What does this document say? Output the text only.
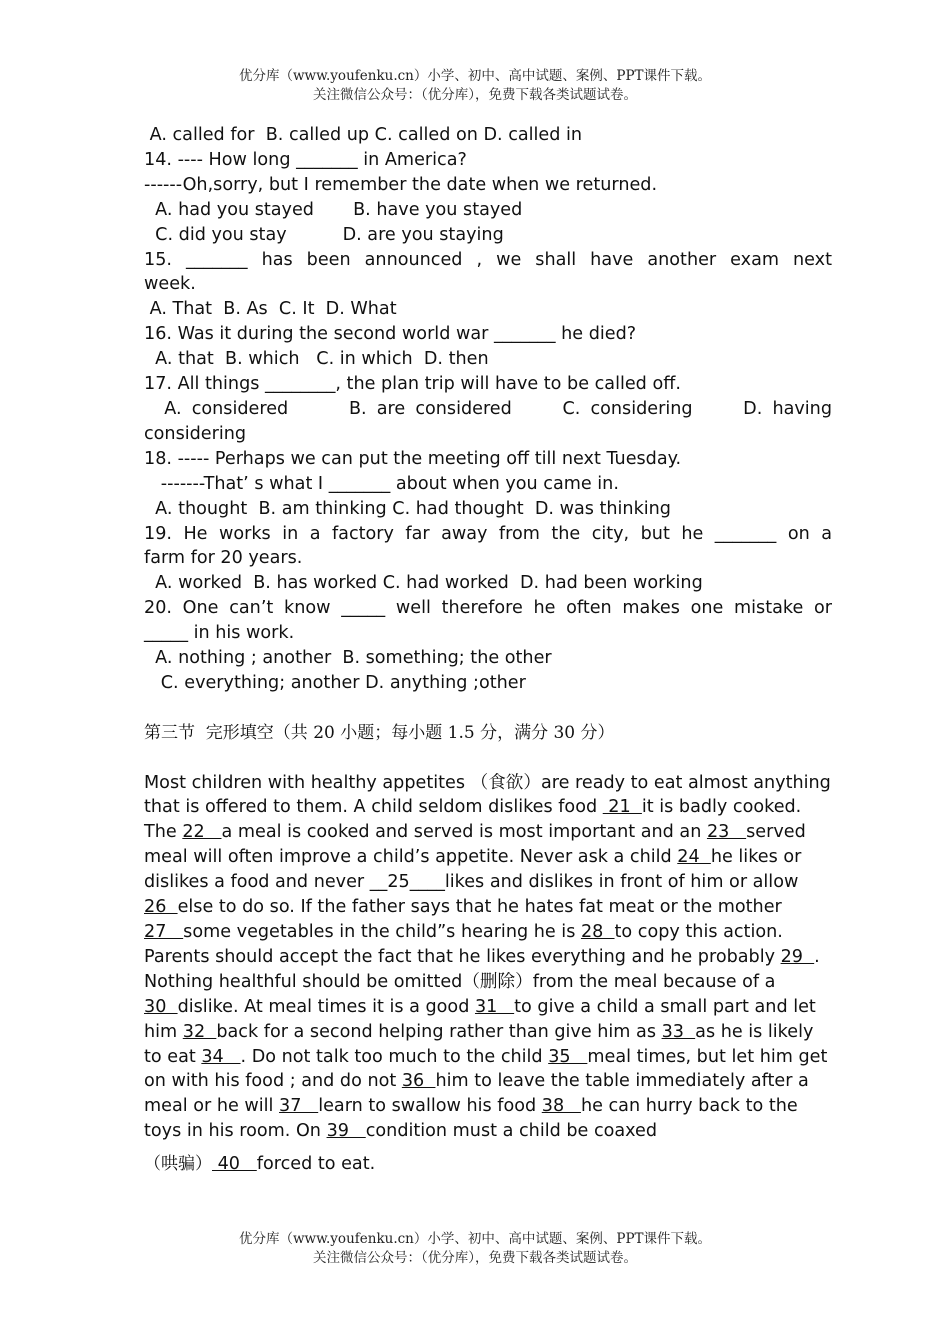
优分库（www.youfenku.cn）小学、初中、高中试题、案例、PPT课件下载。
关注微信公众号：（优分库），免费下载各类试题试卷。
A. called for  B. called up C. called on D. called in
14. ---- How long _______ in America?
------Oh,sorry, but I remember the date when we returned.
A. had you stayed       B. have you stayed
C. did you stay          D. are you staying
15. _______ has been announced , we shall have another exam next
week.
A. That  B. As  C. It  D. What
16. Was it during the second world war _______ he died?
A. that  B. which   C. in which  D. then
17. All things ________, the plan trip will have to be called off.
A. considered      B. are considered     C. considering     D. having
considering
18. ----- Perhaps we can put the meeting off till next Tuesday.
-------That’ s what I _______ about when you came in.
A. thought  B. am thinking C. had thought  D. was thinking
19. He works in a factory far away from the city, but he _______ on a
farm for 20 years.
A. worked  B. has worked C. had worked  D. had been working
20. One can’t know _____ well therefore he often makes one mistake or
_____ in his work.
A. nothing ; another  B. something; the other
C. everything; another D. anything ;other
第三节  完形填空（共 20 小题；每小题 1.5 分，满分 30 分）
Most children with healthy appetites （食欲）are ready to eat almost anything that is offered to them. A child seldom dislikes food  21  it is badly cooked. The 22   a meal is cooked and served is most important and an 23   served meal will often improve a child’s appetite. Never ask a child 24  he likes or dislikes a food and never __25____likes and dislikes in front of him or allow 26  else to do so. If the father says that he hates fat meat or the mother 27   some vegetables in the child”s hearing he is 28  to copy this action. Parents should accept the fact that he likes everything and he probably 29  . Nothing healthful should be omitted（删除）from the meal because of a 30  dislike. At meal times it is a good 31   to give a child a small part and let him 32  back for a second helping rather than give him as 33  as he is likely to eat 34   . Do not talk too much to the child 35   meal times, but let him get on with his food ; and do not 36  him to leave the table immediately after a meal or he will 37   learn to swallow his food 38   he can hurry back to the toys in his room. On 39   condition must a child be coaxed
（哄骗） 40   forced to eat.
优分库（www.youfenku.cn）小学、初中、高中试题、案例、PPT课件下载。
关注微信公众号：（优分库），免费下载各类试题试卷。
